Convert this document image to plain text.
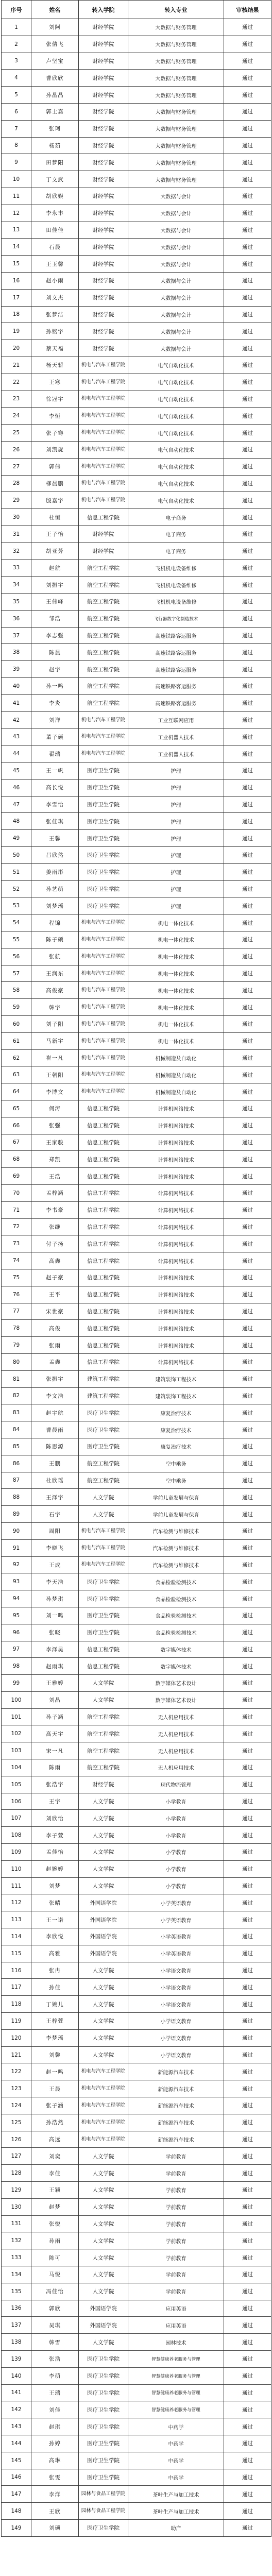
序号	姓名	转入学院	转入专业	审核结果
1	刘阿	财经学院	大数据与财务管理	通过
2	张倩飞	财经学院	大数据与财务管理	通过
3	卢坚宝	财经学院	大数据与财务管理	通过
4	曹欣欣	财经学院	大数据与财务管理	通过
5	孙晶晶	财经学院	大数据与财务管理	通过
6	郭士嘉	财经学院	大数据与财务管理	通过
7	张珂	财经学院	大数据与财务管理	通过
8	杨茹	财经学院	大数据与财务管理	通过
9	田梦阳	财经学院	大数据与财务管理	通过
10	丁文武	财经学院	大数据与财务管理	通过
11	胡欣娱	财经学院	大数据与会计	通过
12	李永丰	财经学院	大数据与会计	通过
13	田佳佳	财经学院	大数据与会计	通过
14	石晨	财经学院	大数据与会计	通过
15	王玉馨	财经学院	大数据与会计	通过
16	赵小雨	财经学院	大数据与会计	通过
17	刘文杰	财经学院	大数据与会计	通过
18	张梦洁	财经学院	大数据与会计	通过
19	孙铭宇	财经学院	大数据与会计	通过
20	蔡天福	财经学院	大数据与会计	通过
21	杨天骄	机电与汽车工程学院	电气自动化技术	通过
22	王寒	机电与汽车工程学院	电气自动化技术	通过
23	徐冠宇	机电与汽车工程学院	电气自动化技术	通过
24	李恒	机电与汽车工程学院	电气自动化技术	通过
25	张子骞	机电与汽车工程学院	电气自动化技术	通过
26	刘凯旋	机电与汽车工程学院	电气自动化技术	通过
27	郭伟	机电与汽车工程学院	电气自动化技术	通过
28	柳晨鹏	机电与汽车工程学院	电气自动化技术	通过
29	殷嘉宇	机电与汽车工程学院	电气自动化技术	通过
30	杜恒	信息工程学院	电子商务	通过
31	王子怡	财经学院	电子商务	通过
32	胡亚芳	财经学院	电子商务	通过
33	赵航	航空工程学院	飞机机电设备维修	通过
34	刘振宇	航空工程学院	飞机机电设备维修	通过
35	王伟峰	航空工程学院	飞机机电设备维修	通过
36	邹浩	航空工程学院	飞行器数字化制造技术	通过
37	李志强	航空工程学院	高速铁路客运服务	通过
38	陈晨	航空工程学院	高速铁路客运服务	通过
39	赵宇	航空工程学院	高速铁路客运服务	通过
40	孙一鸣	航空工程学院	高速铁路客运服务	通过
41	李炎	航空工程学院	高速铁路客运服务	通过
42	刘洋	机电与汽车工程学院	工业互联网应用	通过
43	董子硕	机电与汽车工程学院	工业机器人技术	通过
44	翟瑞	机电与汽车工程学院	工业机器人技术	通过
45	王一帆	医疗卫生学院	护理	通过
46	高长悦	医疗卫生学院	护理	通过
47	李雪怡	医疗卫生学院	护理	通过
48	张佳琪	医疗卫生学院	护理	通过
49	王馨	医疗卫生学院	护理	通过
50	吕欣然	医疗卫生学院	护理	通过
51	姜雨彤	医疗卫生学院	护理	通过
52	孙艺萌	医疗卫生学院	护理	通过
53	刘梦瑶	医疗卫生学院	护理	通过
54	程锦	机电与汽车工程学院	机电一体化技术	通过
55	陈子硕	机电与汽车工程学院	机电一体化技术	通过
56	张航	机电与汽车工程学院	机电一体化技术	通过
57	王润东	机电与汽车工程学院	机电一体化技术	通过
58	高俊豪	机电与汽车工程学院	机电一体化技术	通过
59	韩宇	机电与汽车工程学院	机电一体化技术	通过
60	刘子阳	机电与汽车工程学院	机电一体化技术	通过
61	马新宇	机电与汽车工程学院	机电一体化技术	通过
62	崔一凡	机电与汽车工程学院	机械制造及自动化	通过
63	王朝阳	机电与汽车工程学院	机械制造及自动化	通过
64	李博文	机电与汽车工程学院	机械制造及自动化	通过
65	何涛	信息工程学院	计算机网络技术	通过
66	张强	信息工程学院	计算机网络技术	通过
67	王家骏	信息工程学院	计算机网络技术	通过
68	郑凯	信息工程学院	计算机网络技术	通过
69	王浩	信息工程学院	计算机网络技术	通过
70	孟梓涵	信息工程学院	计算机网络技术	通过
71	李书豪	信息工程学院	计算机网络技术	通过
72	张继	信息工程学院	计算机网络技术	通过
73	付子扬	信息工程学院	计算机网络技术	通过
74	高鑫	信息工程学院	计算机网络技术	通过
75	赵子豪	信息工程学院	计算机网络技术	通过
76	王平	信息工程学院	计算机网络技术	通过
77	宋世豪	信息工程学院	计算机网络技术	通过
78	高俊	信息工程学院	计算机网络技术	通过
79	张雨	信息工程学院	计算机网络技术	通过
80	孟鑫	信息工程学院	计算机网络技术	通过
81	张振宇	建筑工程学院	建筑装饰工程技术	通过
82	李文浩	建筑工程学院	建筑装饰工程技术	通过
83	赵宇航	医疗卫生学院	康复治疗技术	通过
84	曹晨雨	医疗卫生学院	康复治疗技术	通过
85	陈思源	医疗卫生学院	康复治疗技术	通过
86	王鹏	航空工程学院	空中乘务	通过
87	杜欣瑶	航空工程学院	空中乘务	通过
88	王泽宇	人文学院	学前儿童发展与保育	通过
89	石宇	人文学院	学前儿童发展与保育	通过
90	周阳	机电与汽车工程学院	汽车检测与维修技术	通过
91	李晓飞	机电与汽车工程学院	汽车检测与维修技术	通过
92	王成	机电与汽车工程学院	汽车检测与维修技术	通过
93	李天浩	医疗卫生学院	食品检验检测技术	通过
94	孙梦琪	医疗卫生学院	食品检验检测技术	通过
95	刘一鸣	医疗卫生学院	食品检验检测技术	通过
96	张晓	医疗卫生学院	食品检验检测技术	通过
97	李泽昊	信息工程学院	数字媒体技术	通过
98	赵雨琪	信息工程学院	数字媒体技术	通过
99	王雅婷	人文学院	数字媒体艺术设计	通过
100	刘晶	人文学院	数字媒体艺术设计	通过
101	孙子涵	航空工程学院	无人机应用技术	通过
102	高天宇	航空工程学院	无人机应用技术	通过
103	宋一凡	航空工程学院	无人机应用技术	通过
104	陈雨	航空工程学院	无人机应用技术	通过
105	张浩宇	财经学院	现代物流管理	通过
106	王宇	人文学院	小学教育	通过
107	刘欣怡	人文学院	小学教育	通过
108	李子萱	人文学院	小学教育	通过
109	孟佳怡	人文学院	小学教育	通过
110	赵婉婷	人文学院	小学教育	通过
111	刘梦	人文学院	小学教育	通过
112	张晴	外国语学院	小学英语教育	通过
113	王一诺	外国语学院	小学英语教育	通过
114	李欣悦	外国语学院	小学英语教育	通过
115	高雅	外国语学院	小学英语教育	通过
116	张冉	人文学院	小学语文教育	通过
117	孙佳	人文学院	小学语文教育	通过
118	丁婉儿	人文学院	小学语文教育	通过
119	王梓萱	人文学院	小学语文教育	通过
120	李梦瑶	人文学院	小学语文教育	通过
121	刘馨	人文学院	小学语文教育	通过
122	赵一鸣	机电与汽车工程学院	新能源汽车技术	通过
123	王晨	机电与汽车工程学院	新能源汽车技术	通过
124	张子涵	机电与汽车工程学院	新能源汽车技术	通过
125	孙浩然	机电与汽车工程学院	新能源汽车技术	通过
126	高远	机电与汽车工程学院	新能源汽车技术	通过
127	刘奕	人文学院	学前教育	通过
128	李佳	人文学院	学前教育	通过
129	王颖	人文学院	学前教育	通过
130	赵梦	人文学院	学前教育	通过
131	张悦	人文学院	学前教育	通过
132	孙雨	人文学院	学前教育	通过
133	陈可	人文学院	学前教育	通过
134	马悦	人文学院	学前教育	通过
135	冯佳怡	人文学院	学前教育	通过
136	郭欣	外国语学院	应用英语	通过
137	吴琪	外国语学院	应用英语	通过
138	韩雪	人文学院	园林技术	通过
139	张浩	医疗卫生学院	智慧健康养老服务与管理	通过
140	李萌	医疗卫生学院	智慧健康养老服务与管理	通过
141	王瑞	医疗卫生学院	智慧健康养老服务与管理	通过
142	刘佳	医疗卫生学院	智慧健康养老服务与管理	通过
143	赵琪	医疗卫生学院	中药学	通过
144	孙婷	医疗卫生学院	中药学	通过
145	高琳	医疗卫生学院	中药学	通过
146	张雯	医疗卫生学院	中药学	通过
147	李洋	园林与食品工程学院	茶叶生产与加工技术	通过
148	王欣	园林与食品工程学院	茶叶生产与加工技术	通过
149	刘硕	医疗卫生学院	助产	通过
